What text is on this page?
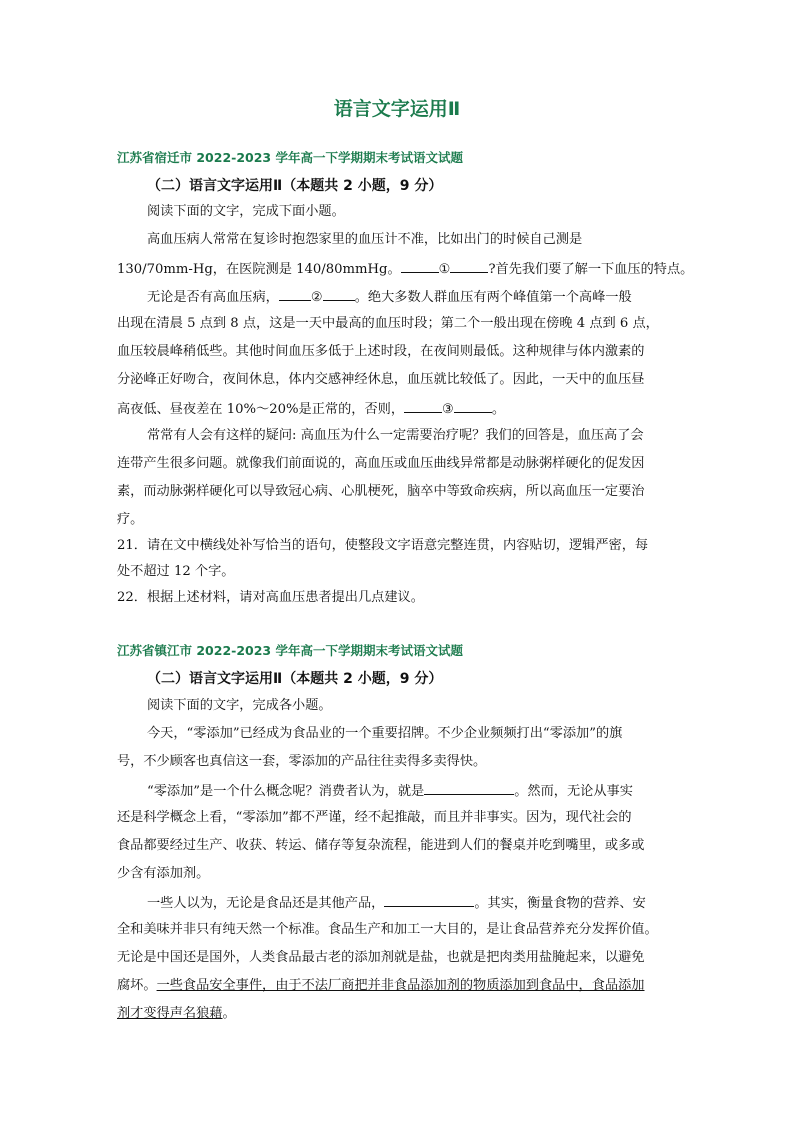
语言文字运用Ⅱ
江苏省宿迁市 2022-2023 学年高一下学期期末考试语文试题
（二）语言文字运用Ⅱ（本题共 2 小题，9 分）
阅读下面的文字，完成下面小题。
高血压病人常常在复诊时抱怨家里的血压计不准，比如出门的时候自己测是
130/70mm-Hg，在医院测是 140/80mmHg。	①	?首先我们要了解一下血压的特点。
无论是否有高血压病， ② 。绝大多数人群血压有两个峰值第一个高峰一般
出现在清晨 5 点到 8 点，这是一天中最高的血压时段；第二个一般出现在傍晚 4 点到 6 点，
血压较晨峰稍低些。其他时间血压多低于上述时段，在夜间则最低。这种规律与体内激素的
分泌峰正好吻合，夜间休息，体内交感神经休息，血压就比较低了。因此，一天中的血压昼
高夜低、昼夜差在 10%～20%是正常的，否则，	③	。
常常有人会有这样的疑问: 高血压为什么一定需要治疗呢？我们的回答是，血压高了会
连带产生很多问题。就像我们前面说的，高血压或血压曲线异常都是动脉粥样硬化的促发因
素，而动脉粥样硬化可以导致冠心病、心肌梗死，脑卒中等致命疾病，所以高血压一定要治
疗。
21．请在文中横线处补写恰当的语句，使整段文字语意完整连贯，内容贴切，逻辑严密，每
处不超过 12 个字。
22．根据上述材料，请对高血压患者提出几点建议。
江苏省镇江市 2022-2023 学年高一下学期期末考试语文试题
（二）语言文字运用Ⅱ（本题共 2 小题，9 分）
阅读下面的文字，完成各小题。
今天，“零添加”已经成为食品业的一个重要招牌。不少企业频频打出“零添加”的旗
号，不少顾客也真信这一套，零添加的产品往往卖得多卖得快。
“零添加”是一个什么概念呢？消费者认为，就是	。然而，无论从事实
还是科学概念上看，“零添加”都不严谨，经不起推敲，而且并非事实。因为，现代社会的
食品都要经过生产、收获、转运、储存等复杂流程，能进到人们的餐桌并吃到嘴里，或多或
少含有添加剂。
一些人以为，无论是食品还是其他产品，	。其实，衡量食物的营养、安
全和美味并非只有纯天然一个标准。食品生产和加工一大目的，是让食品营养充分发挥价值。
无论是中国还是国外，人类食品最古老的添加剂就是盐，也就是把肉类用盐腌起来，以避免
腐坏。一些食品安全事件，由于不法厂商把并非食品添加剂的物质添加到食品中，食品添加
剂才变得声名狼藉。
